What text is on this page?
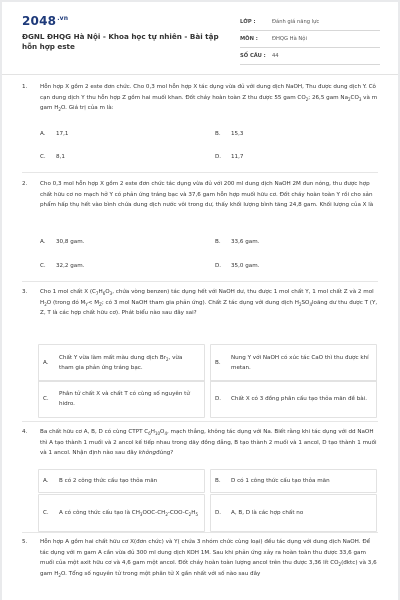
$2048^{.vn}$
ĐGNL ĐHQG Hà Nội - Khoa học tự nhiên - Bài tập hỗn hợp este
LỚP :	Đánh giá năng lực
MÔN :	ĐHQG Hà Nội
SỐ CÂU :	44
1. Hỗn hợp X gồm 2 este đơn chức. Cho 0,3 mol hỗn hợp X tác dụng vừa đủ với dung dịch NaOH, Thu được dung dịch Y. Cô cạn dung dịch Y thu hỗn hợp Z gồm hai muối khan. Đốt cháy hoàn toàn Z thu được 55 gam $CO_2$; 26,5 gam $Na_2CO_3$ và m gam $H_2O$. Giá trị của m là:
A.	17,1	B.	15,3
C.	8,1	D.	11,7
2. Cho 0,3 mol hỗn hợp X gồm 2 este đơn chức tác dụng vừa đủ với 200 ml dung dịch NaOH 2M đun nóng, thu được hợp chất hữu cơ no mạch hở Y có phản ứng tráng bạc và 37,6 gam hỗn hợp muối hữu cơ. Đốt cháy hoàn toàn Y rồi cho sản phẩm hấp thụ hết vào bình chứa dung dịch nước vôi trong dư, thấy khối lượng bình tăng 24,8 gam. Khối lượng của X là
A.	30,8 gam.	B.	33,6 gam.
C.	32,2 gam.	D.	35,0 gam.
3. Cho 1 mol chất X ($C_7H_6O_3$, chứa vòng benzen) tác dụng hết với NaOH dư, thu được 1 mol chất Y, 1 mol chất Z và 2 mol $H_2O$ (trong đó $M_Y< M_Z$; có 3 mol NaOH tham gia phản ứng). Chất Z tác dụng với dung dịch $H_2SO_4loãng$ dư thu được T (Y, Z, T là các hợp chất hữu cơ). Phát biểu nào sau đây sai?
A.
Chất Y vừa làm mất màu dung dịch $Br_2$, vừa tham gia phản ứng tráng bạc.
B.
Nung Y với NaOH có xúc tác CaO thì thu được khí metan.
C.
Phân tử chất X và chất T có cùng số nguyên tử hidro.
D.	Chất X có 3 đồng phân cấu tạo thỏa mãn đề bài.
4. Ba chất hữu cơ A, B, D có cùng CTPT $C_6H_{10}O_4$, mạch thẳng, không tác dụng với Na. Biết rằng khi tác dụng với dd NaOH thì A tạo thành 1 muối và 2 ancol kế tiếp nhau trong dãy đồng đẳng, B tạo thành 2 muối và 1 ancol, D tạo thành 1 muối và 1 ancol. Nhận định nào sau đây khôngđúng?
A.	B có 2 công thức cấu tạo thỏa mãn	B.	D có 1 công thức cấu tạo thỏa mãn
C.	A có công thức cấu tạo là $CH_3OOC-CH_2-COO-C_2H_5$	D.	A, B, D là các hợp chất no
5. Hỗn hợp A gồm hai chất hữu cơ X(đơn chức) và Y( chứa 3 nhóm chức cùng loại) đều tác dụng với dung dịch NaOH. Để tác dụng với m gam A cần vừa đủ 300 ml dung dịch KOH 1M. Sau khi phản ứng xảy ra hoàn toàn thu được 33,6 gam muối của một axit hữu cơ và 4,6 gam một ancol. Đốt cháy hoàn toàn lượng ancol trên thu được 3,36 lít $CO_2(đktc)$ và 3,6 gam $H_2O$. Tổng số nguyên tử trong một phân tử X gần nhất với số nào sau đây
